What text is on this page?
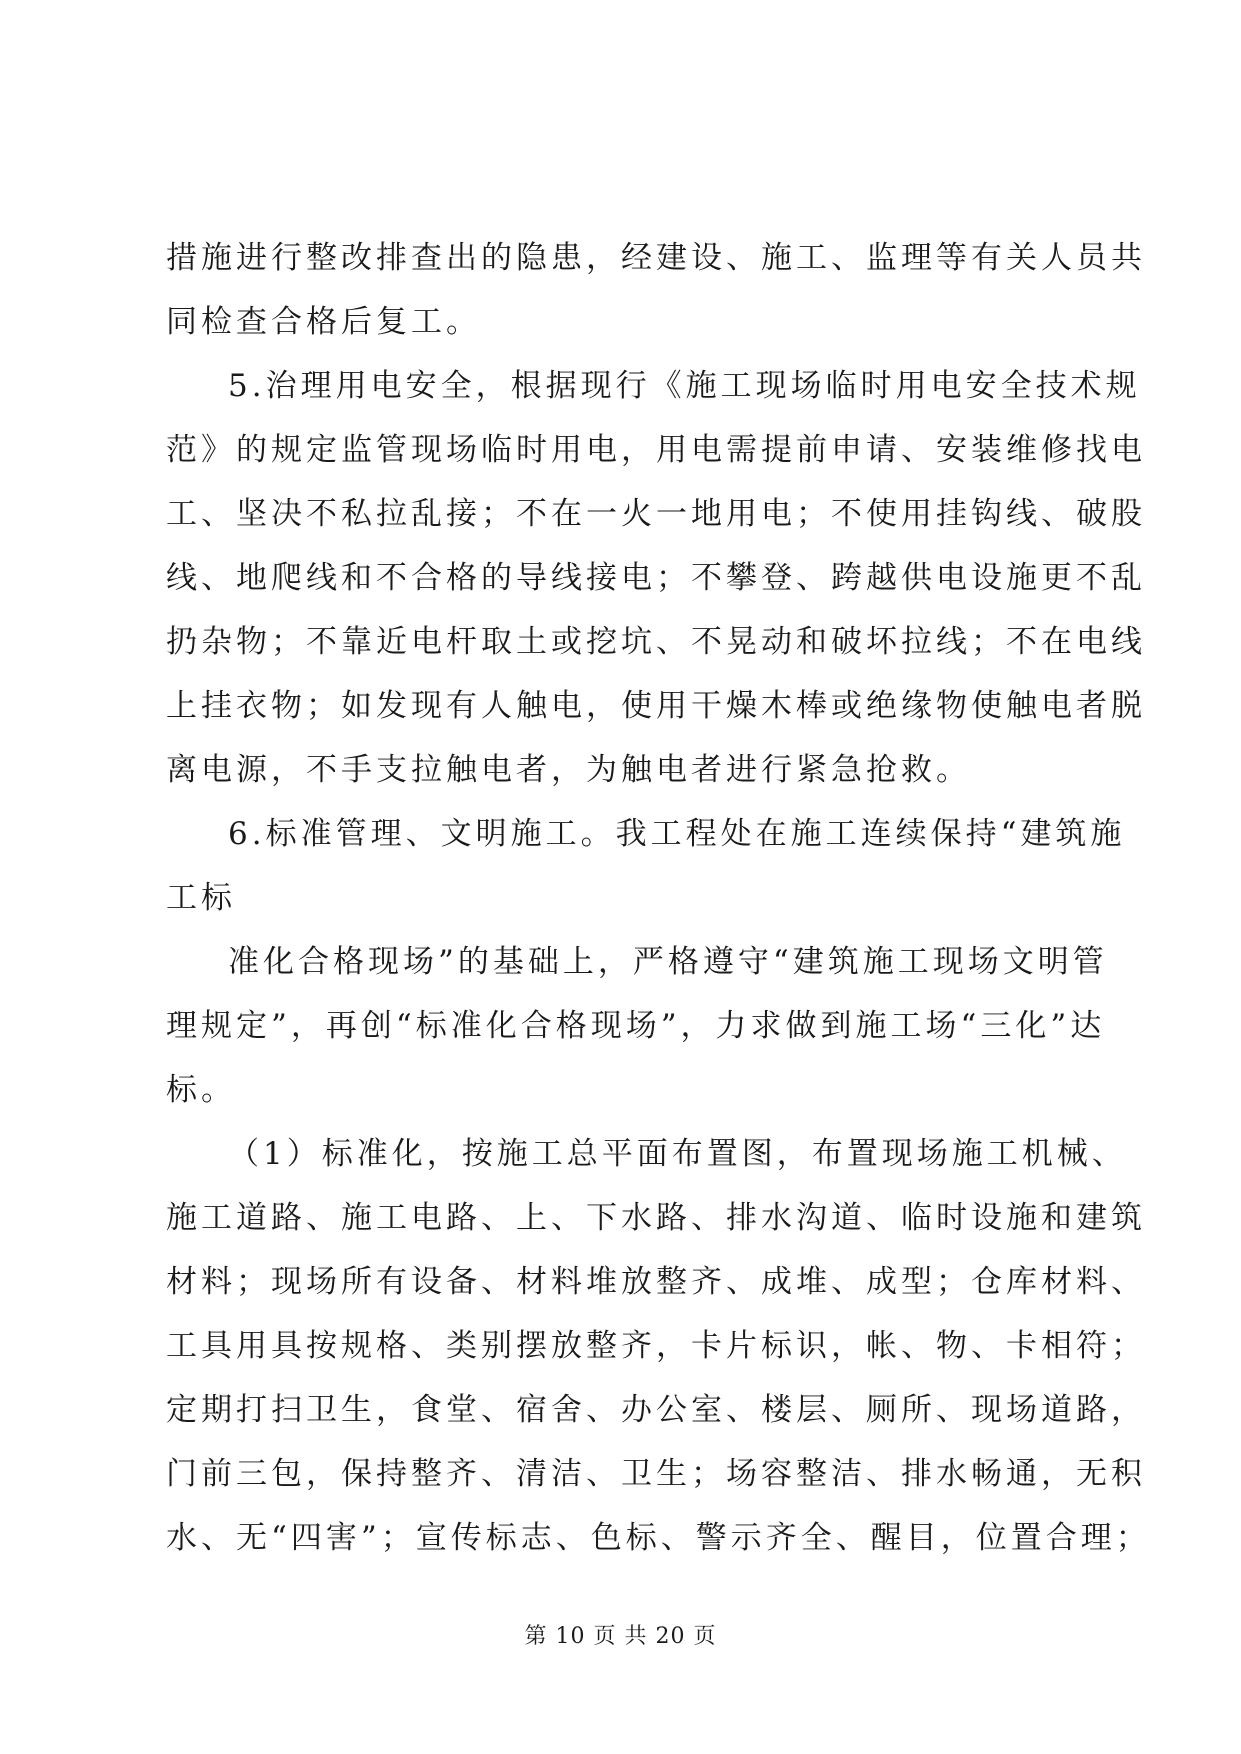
措施进行整改排查出的隐患，经建设、施工、监理等有关人员共
同检查合格后复工。
5.治理用电安全，根据现行《施工现场临时用电安全技术规
范》的规定监管现场临时用电，用电需提前申请、安装维修找电
工、坚决不私拉乱接；不在一火一地用电；不使用挂钩线、破股
线、地爬线和不合格的导线接电；不攀登、跨越供电设施更不乱
扔杂物；不靠近电杆取土或挖坑、不晃动和破坏拉线；不在电线
上挂衣物；如发现有人触电，使用干燥木棒或绝缘物使触电者脱
离电源，不手支拉触电者，为触电者进行紧急抢救。
6.标准管理、文明施工。我工程处在施工连续保持“建筑施
工标
准化合格现场”的基础上，严格遵守“建筑施工现场文明管
理规定”，再创“标准化合格现场”，力求做到施工场“三化”达
标。
（1）标准化，按施工总平面布置图，布置现场施工机械、
施工道路、施工电路、上、下水路、排水沟道、临时设施和建筑
材料；现场所有设备、材料堆放整齐、成堆、成型；仓库材料、
工具用具按规格、类别摆放整齐，卡片标识，帐、物、卡相符；
定期打扫卫生，食堂、宿舍、办公室、楼层、厕所、现场道路，
门前三包，保持整齐、清洁、卫生；场容整洁、排水畅通，无积
水、无“四害”；宣传标志、色标、警示齐全、醒目，位置合理；
第 10 页 共 20 页
